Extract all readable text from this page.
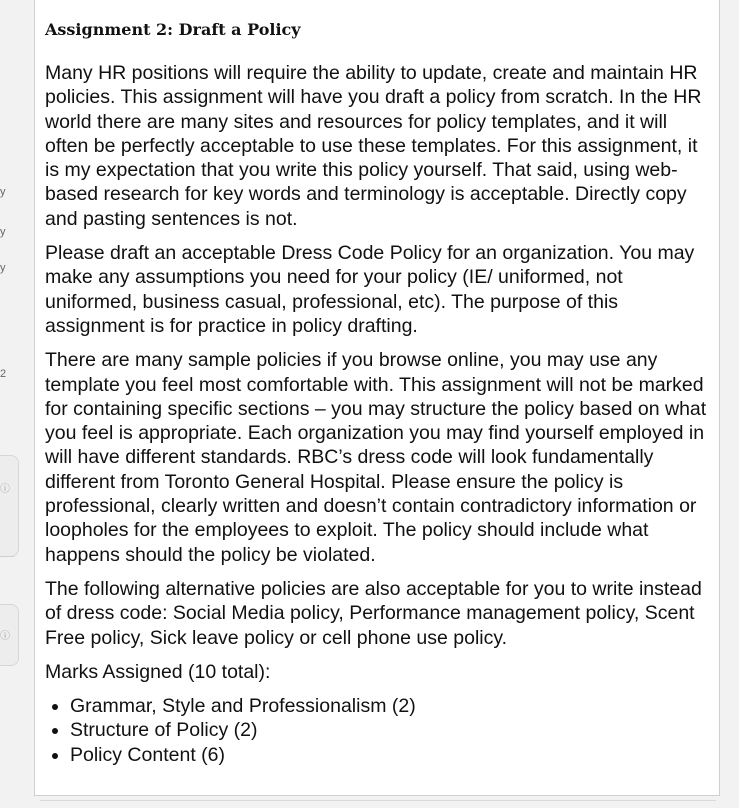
y
y
y
2
ⓘ
ⓘ
Assignment 2: Draft a Policy

Many HR positions will require the ability to update, create and maintain HR policies. This assignment will have you draft a policy from scratch. In the HR world there are many sites and resources for policy templates, and it will often be perfectly acceptable to use these templates. For this assignment, it is my expectation that you write this policy yourself. That said, using web-based research for key words and terminology is acceptable. Directly copy and pasting sentences is not.

Please draft an acceptable Dress Code Policy for an organization. You may make any assumptions you need for your policy (IE/ uniformed, not uniformed, business casual, professional, etc). The purpose of this assignment is for practice in policy drafting.

There are many sample policies if you browse online, you may use any template you feel most comfortable with. This assignment will not be marked for containing specific sections – you may structure the policy based on what you feel is appropriate. Each organization you may find yourself employed in will have different standards. RBC’s dress code will look fundamentally different from Toronto General Hospital. Please ensure the policy is professional, clearly written and doesn’t contain contradictory information or loopholes for the employees to exploit. The policy should include what happens should the policy be violated.

The following alternative policies are also acceptable for you to write instead of dress code: Social Media policy, Performance management policy, Scent Free policy, Sick leave policy or cell phone use policy.

Marks Assigned (10 total):

• Grammar, Style and Professionalism (2)
• Structure of Policy (2)
• Policy Content (6)
